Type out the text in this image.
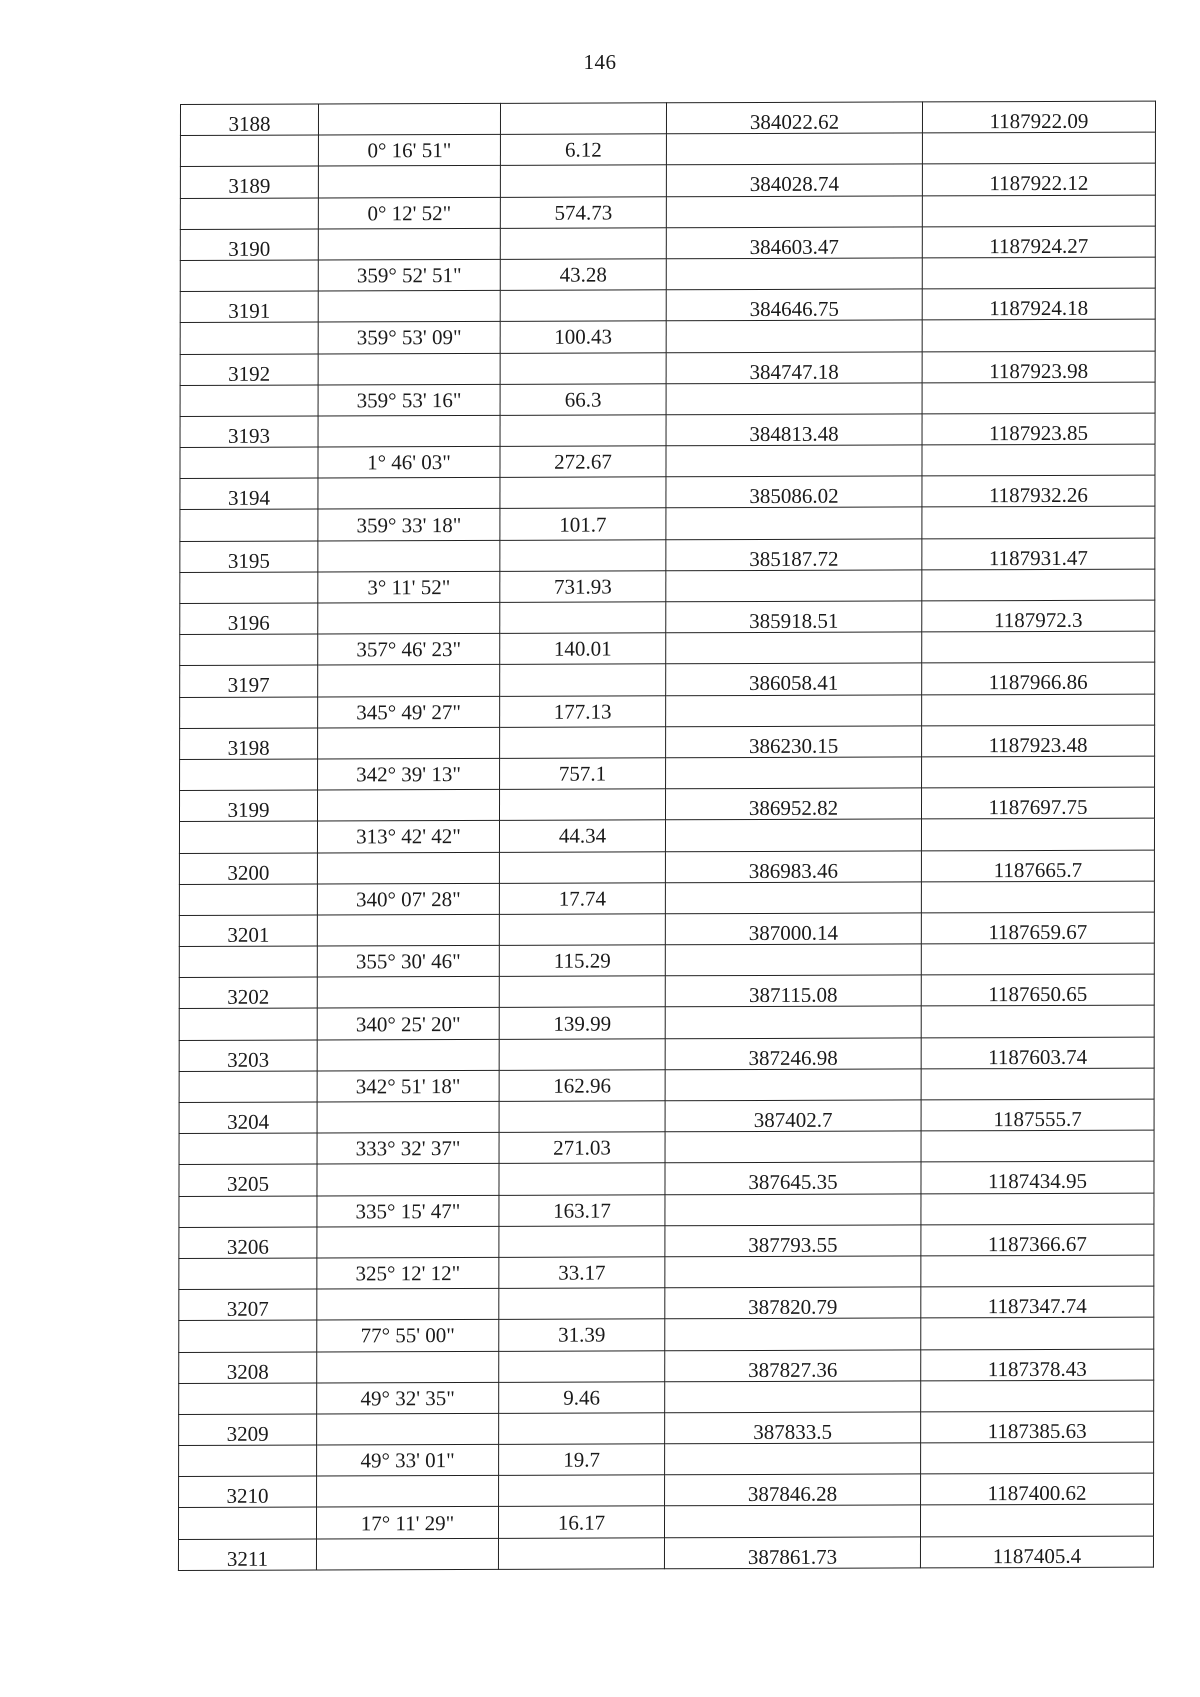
146
3188			384022.62	1187922.09
	0° 16' 51"	6.12		
3189			384028.74	1187922.12
	0° 12' 52"	574.73		
3190			384603.47	1187924.27
	359° 52' 51"	43.28		
3191			384646.75	1187924.18
	359° 53' 09"	100.43		
3192			384747.18	1187923.98
	359° 53' 16"	66.3		
3193			384813.48	1187923.85
	1° 46' 03"	272.67		
3194			385086.02	1187932.26
	359° 33' 18"	101.7		
3195			385187.72	1187931.47
	3° 11' 52"	731.93		
3196			385918.51	1187972.3
	357° 46' 23"	140.01		
3197			386058.41	1187966.86
	345° 49' 27"	177.13		
3198			386230.15	1187923.48
	342° 39' 13"	757.1		
3199			386952.82	1187697.75
	313° 42' 42"	44.34		
3200			386983.46	1187665.7
	340° 07' 28"	17.74		
3201			387000.14	1187659.67
	355° 30' 46"	115.29		
3202			387115.08	1187650.65
	340° 25' 20"	139.99		
3203			387246.98	1187603.74
	342° 51' 18"	162.96		
3204			387402.7	1187555.7
	333° 32' 37"	271.03		
3205			387645.35	1187434.95
	335° 15' 47"	163.17		
3206			387793.55	1187366.67
	325° 12' 12"	33.17		
3207			387820.79	1187347.74
	77° 55' 00"	31.39		
3208			387827.36	1187378.43
	49° 32' 35"	9.46		
3209			387833.5	1187385.63
	49° 33' 01"	19.7		
3210			387846.28	1187400.62
	17° 11' 29"	16.17		
3211			387861.73	1187405.4
